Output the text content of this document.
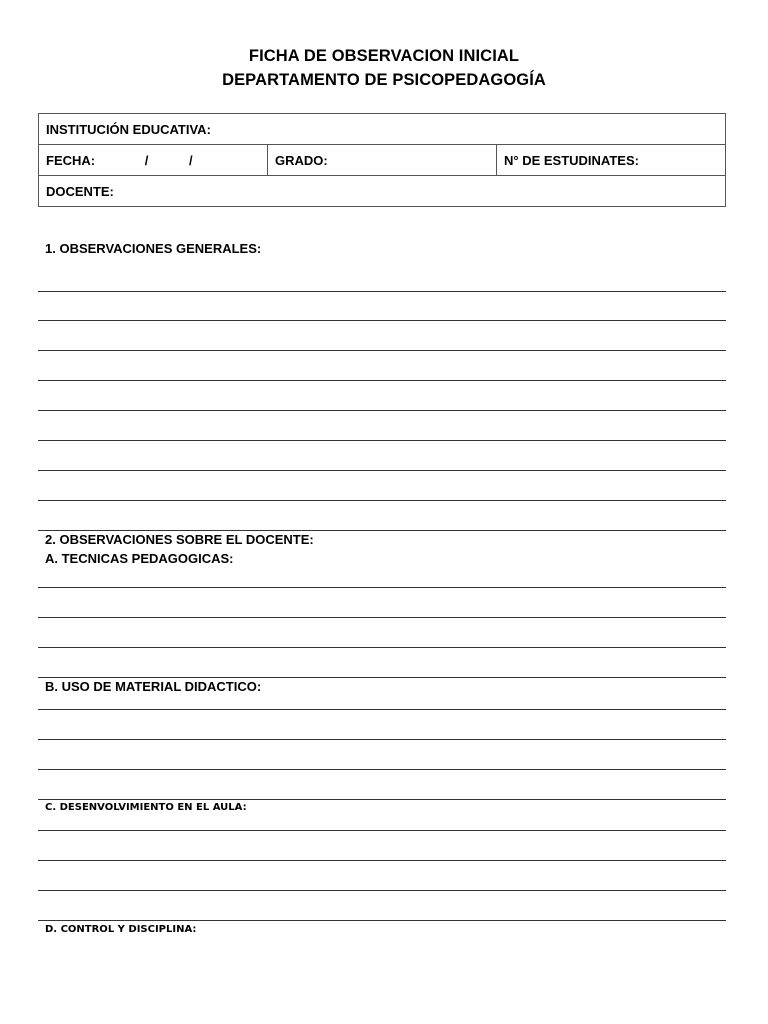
FICHA DE OBSERVACION INICIAL
DEPARTAMENTO DE PSICOPEDAGOGÍA
INSTITUCIÓN EDUCATIVA:
FECHA:	/	/	GRADO:	N° DE ESTUDINATES:
DOCENTE:
1. OBSERVACIONES GENERALES:
2. OBSERVACIONES SOBRE EL DOCENTE:
A. TECNICAS PEDAGOGICAS:
B. USO DE MATERIAL DIDACTICO:
C. DESENVOLVIMIENTO EN EL AULA:
D. CONTROL Y DISCIPLINA:
